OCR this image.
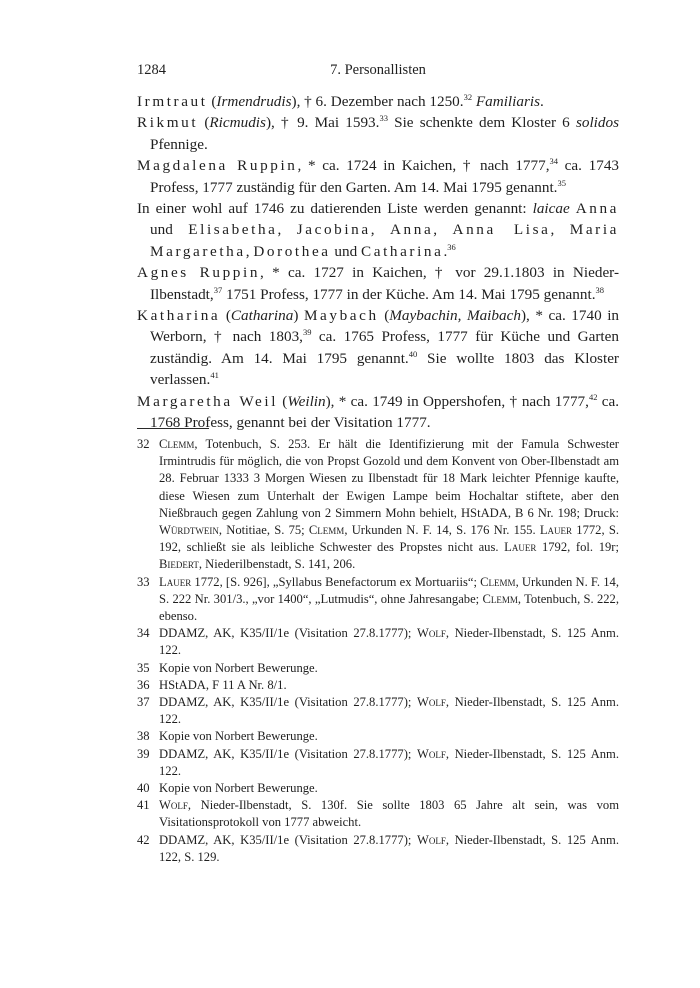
1284	7. Personallisten
Irmtraut (Irmendrudis), † 6. Dezember nach 1250.32 Familiaris.
Rikmut (Ricmudis), † 9. Mai 1593.33 Sie schenkte dem Kloster 6 solidos Pfennige.
Magdalena Ruppin, * ca. 1724 in Kaichen, † nach 1777,34 ca. 1743 Profess, 1777 zuständig für den Garten. Am 14. Mai 1795 genannt.$^{35}$
In einer wohl auf 1746 zu datierenden Liste werden genannt: laicae Anna und Elisabetha, Jacobina, Anna, Anna Lisa, Maria Margaretha, Dorothea und Catharina.$^{36}$
Agnes Ruppin, * ca. 1727 in Kaichen, † vor 29.1.1803 in Nieder-Ilbenstadt,$^{37}$ 1751 Profess, 1777 in der Küche. Am 14. Mai 1795 genannt.$^{38}$
Katharina (Catharina) Maybach (Maybachin, Maibach), * ca. 1740 in Werborn, † nach 1803,39 ca. 1765 Profess, 1777 für Küche und Garten zuständig. Am 14. Mai 1795 genannt.$^{40}$ Sie wollte 1803 das Kloster verlassen.$^{41}$
Margaretha Weil (Weilin), * ca. 1749 in Oppershofen, † nach 1777,42 ca. 1768 Profess, genannt bei der Visitation 1777.
32 Clemm, Totenbuch, S. 253. Er hält die Identifizierung mit der Famula Schwester Irmintrudis für möglich, die von Propst Gozold und dem Konvent von Ober-Ilbenstadt am 28. Februar 1333 3 Morgen Wiesen zu Ilbenstadt für 18 Mark leichter Pfennige kaufte, diese Wiesen zum Unterhalt der Ewigen Lampe beim Hochaltar stiftete, aber den Nießbrauch gegen Zahlung von 2 Simmern Mohn behielt, HStADA, B 6 Nr. 198; Druck: Würdtwein, Notitiae, S. 75; Clemm, Urkunden N. F. 14, S. 176 Nr. 155. Lauer 1772, S. 192, schließt sie als leibliche Schwester des Propstes nicht aus. Lauer 1792, fol. 19r; Biedert, Niederilbenstadt, S. 141, 206.
33 Lauer 1772, [S. 926], „Syllabus Benefactorum ex Mortuariis“; Clemm, Urkunden N. F. 14, S. 222 Nr. 301/3., „vor 1400“, „Lutmudis“, ohne Jahresangabe; Clemm, Totenbuch, S. 222, ebenso.
34 DDAMZ, AK, K35/II/1e (Visitation 27.8.1777); Wolf, Nieder-Ilbenstadt, S. 125 Anm. 122.
35 Kopie von Norbert Bewerunge.
36 HStADA, F 11 A Nr. 8/1.
37 DDAMZ, AK, K35/II/1e (Visitation 27.8.1777); Wolf, Nieder-Ilbenstadt, S. 125 Anm. 122.
38 Kopie von Norbert Bewerunge.
39 DDAMZ, AK, K35/II/1e (Visitation 27.8.1777); Wolf, Nieder-Ilbenstadt, S. 125 Anm. 122.
40 Kopie von Norbert Bewerunge.
41 Wolf, Nieder-Ilbenstadt, S. 130f. Sie sollte 1803 65 Jahre alt sein, was vom Visitationsprotokoll von 1777 abweicht.
42 DDAMZ, AK, K35/II/1e (Visitation 27.8.1777); Wolf, Nieder-Ilbenstadt, S. 125 Anm. 122, S. 129.
